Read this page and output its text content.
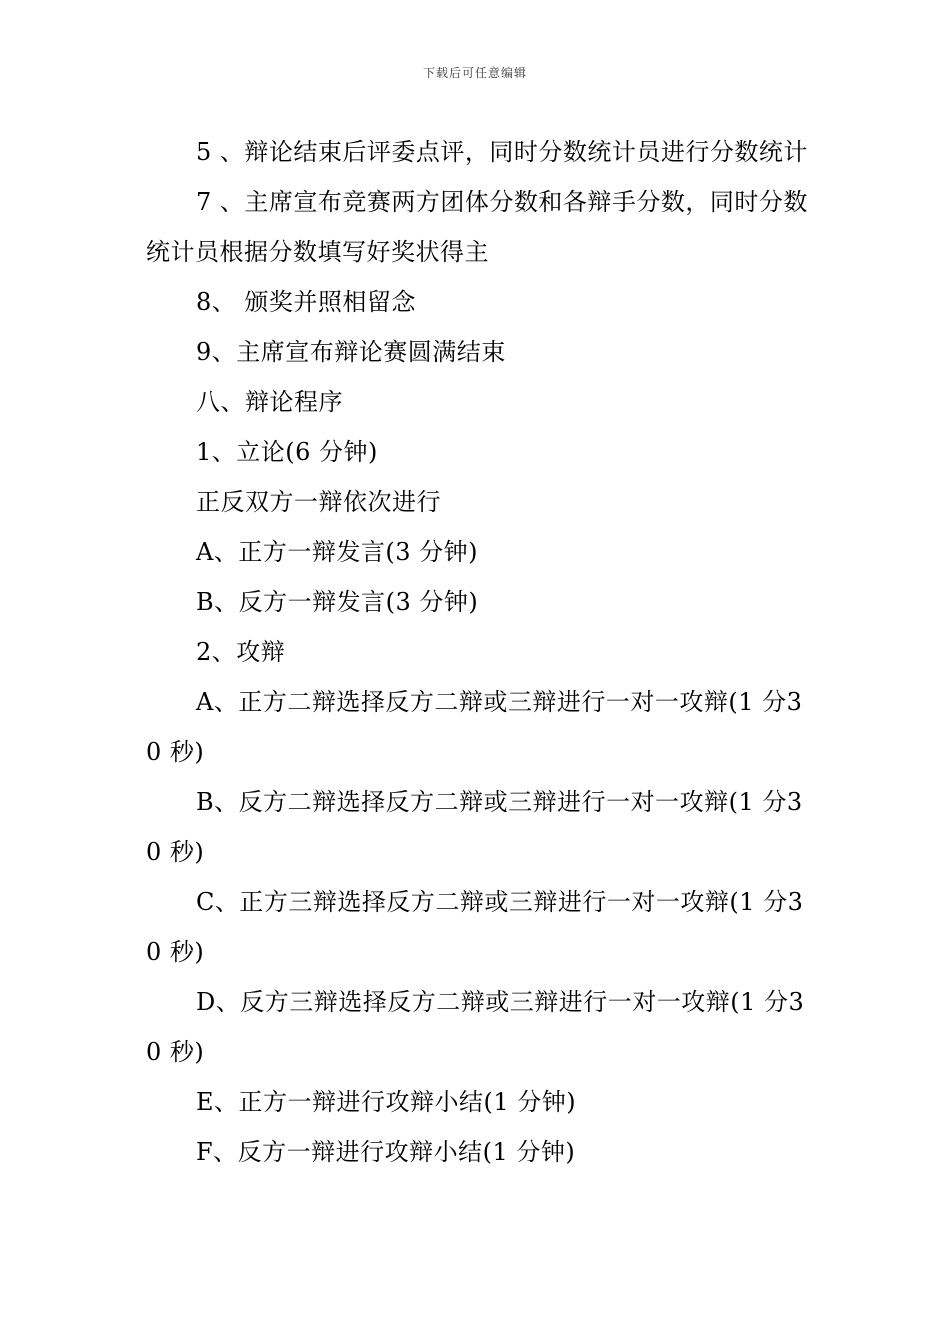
下载后可任意编辑

5 、辩论结束后评委点评，同时分数统计员进行分数统计

7 、主席宣布竞赛两方团体分数和各辩手分数，同时分数统计员根据分数填写好奖状得主

8、 颁奖并照相留念

9、主席宣布辩论赛圆满结束

八、辩论程序

1、立论(6 分钟)

正反双方一辩依次进行

A、正方一辩发言(3 分钟)

B、反方一辩发言(3 分钟)

2、攻辩

A、正方二辩选择反方二辩或三辩进行一对一攻辩(1 分30 秒)

B、反方二辩选择反方二辩或三辩进行一对一攻辩(1 分30 秒)

C、正方三辩选择反方二辩或三辩进行一对一攻辩(1 分30 秒)

D、反方三辩选择反方二辩或三辩进行一对一攻辩(1 分30 秒)

E、正方一辩进行攻辩小结(1 分钟)

F、反方一辩进行攻辩小结(1 分钟)
